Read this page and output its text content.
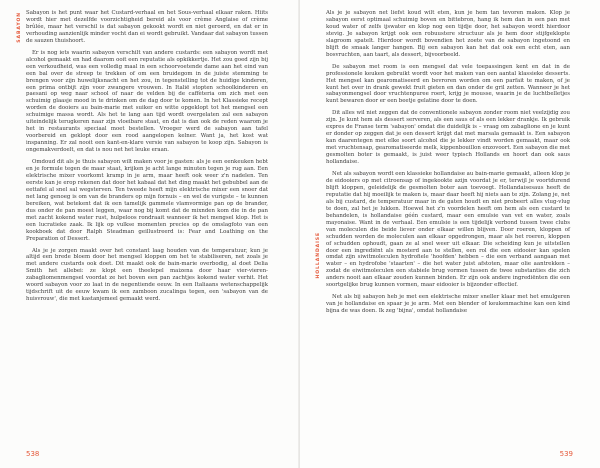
SABAYON Sabayon is het punt waar het Custard-verhaal en het Sous-verhaal elkaar raken. Hiits wordt hier met dezelfde voorzichtigheid bereid als voor crème Anglaise of crème brûlée, maar het verschil is dat sabayon gekookt wordt en niet geroerd, en dat er in verhouding aanzienlijk minder vocht dan ei wordt gebruikt. Vandaar dat sabayon tussen de sauzen thuishoort.

Er is nog iets waarin sabayon verschilt van andere custards: een sabayon wordt met alcohol gemaakt en had daarom ooit een reputatie als opkikkertje. Het zou goed zijn bij een verkoudheid, was een volledig maal in een schoorvoetende dame aan het eind van een bal over de streep te trekken of om een bruidegom in de juiste stemming te brengen voor zijn huwelijksnacht en het zou, in tegenstelling tot de huidige kinderen, een prima ontbijt zijn voor zwangere vrouwen. In Italië stopten schoolkinderen en paesani op weg naar school of naar de velden bij de caffèteria om zich met een schuimig glaasje mood in te drinken om de dag door te komen. In het Klassieke recept worden de dooiers au bain-marie met suiker en witte opgeklopt tot het mengsel een schuimige massa wordt. Als het te lang aan tijd wordt overgelaten zal een sabayon uiteindelijk terugkeren naar zijn vloeibare staat, en dat is dan ook de reden waarom je het in restaurants speciaal moet bestellen. Vroeger werd de sabayon aan tafel voorbereid en geklopt door een rood aangelopen kelner. Want ja, het kost wat inspanning. Er zal nooit een kant-en-klare versie van sabayon te koop zijn. Sabayon is ongemakverdoelt, en dat is nou net het leuke eraan.

Omdoud dit als je thuis sabayon wilt maken voor je gasten: als je een eenkeuken hebt en je formule tegen de maar staat, krijken je acht lange minuten tegen je rug aan. Een elektrische mixer voorkomt kramp in je arm, maar heeft ook weer z'n nadelen. Ten eerste kan je erop rekenen dat door het kabaal dat het ding maakt het gebubbel aan de eettafel al snel sal wegsterven. Ten tweede heeft mijn elektrische mixer een snoer dat net lang genoeg is om van de branders op mijn fornuis – en wel de vurigste – te kunnen bereiken, wat betekent dat ik een tamelijk gammele vlamvormige pan op de brander, dus onder de pan moest leggen, waar nog bij komt dat de mixnden kom die in de pan met zacht kokend water rust, hulpeloos rondraait wanneer ik het mengsel klop. Het is een lucratieke zaak. Ik lijk op vulkse momenten precies op de omslagfoto van een kookboek dat door Ralph Steadman geillustreerd is: Fear and Loathing on the Preparation of Dessert.

Als je je zorgen maakt over het constant laag houden van de temperatuur, kun je altijd een brede bloem door het mengsel kloppen om het te stabiliseren, net zoals je met andere custards ook doet. Dit maakt ook de bain-marie overbodig, al doet Delia Smith het allebei: ze klopt een theelepel maizena door haar vier-vieren-zabagliomenmengsel voordat ze het boven een pan zachtjes kokend water verhit. Het woord sabayon voor zo laat in de negentiende eeuw. In een Italiaans wetenschappelijk tijdschrift uit de eeuw kwam ik een zamboon zucalinga tegen, een 'sabayon van de huisvrouw', die met kastanjemeel gemaakt werd.

538
HOLLANDAISE

Als je je sabayon net liefst koud wilt eten, kun je hem tan tevoren maken. Klop je sabayon eerst optimaal schuimig boven en bittebron, hang ik hem dan in een pan met koud water of zelfs ijswater en klop nog een tijdje door, het sabayon wordt hierdoor stevig. Je sabayon krijgt ook een robuustere structuur als je hem door stijfgeklopte slagroom spatelt. Hierdoor wordt bovendien het zoete van de sabayon ingetoond en blijft de smaak langer hangen. Bij een sabayon kan het dat ook een echt eten, aan bosvruchten, aan taart, als dessert, bijvoorbeeld.

De sabayon met room is een mengsel dat vele toepassingen kent en dat in de professionele keuken gebruikt wordt voor het maken van een aantal klassieke desserts. Het mengsel kan gearomatiseerd en bevroren worden om een parfait te maken, of je kunt het over in drank gewekt fruit gieten en dan onder de gril zetten. Wanneer je het sabayonmengsel door vruchtenpuree roert, krijg je mousse, waarin je de luchtbelletjes kunt bewaren door er een beetje gelatine door te doen.

Dit alles wil niet zeggen dat de conventionele sabayon zonder room niet veelzijdig zou zijn. Je kunt hem als dessert serveren, als een saus of als een lekker drankje. Ik gebruik expres de Franse term 'sabayon' omdat die duidelijk is – vraag om zabaglione en je kunt er donder op zeggen dat je een dessert krijgt dat met marsala gemaakt is. Een sabayon kan daarentegen met elke soort alcohol die je lekker vindt worden gemaakt, maar ook met vruchtensap, gearomatiseerde melk, kippenbouillon enzovoort. Een sabayon die met gesmolten boter is gemaakt, is juist weer typisch Hollands en hoort dan ook saus hollandaise.

Net als sabayon wordt een klassieke hollandaise au bain-marie gemaakt, alleen klop je de eidooiers op met citroensap of ingekookte azijn voordat je er, terwijl je voortdurend blijft kloppen, geleidelijk de gesmolten boter aan toevoegt. Hollandaisesaus heeft de reputatie dat hij moeilijk te maken is, maar daar heeft hij niets aan te zijn. Zolang je, net als bij custard, de temperatuur maar in de gaten houdt en niet probeert alles vlug-vlug te doen, zal het je lukken. Hoewel het z'n voordelen heeft om hem als een custard te behandelen, is hollandaise géén custard, maar een emulsie van vet en water, zoals mayonaise. Want in de verhaal. Een emulsie is een tijdelijk verbond tussen twee clubs van moleculen die beide liever onder elkaar willen blijven. Door roeren, kloppen of schudden worden de moleculen aan elkaar opgedrongen, maar als het roeren, kloppen of schudden ophoudt, gaan ze al snel weer uit elkaar. Die scheiding kun je uitstellen door een ingrediënt als mosterd aan te stellen, een rol die een eidooier kan spelen omdat zijn siwitmoleculen hydrofiele 'hoofden' hebben – die een verband aangaan met water – en hydrofobe 'staarten' – die het water juist afstoten, maar olie aantrekken – zodat de eiwitmoleculen een stabiele brug vormen tussen de twee substanties die zich anders nooit aan elkaar zouden kunnen binden. Er zijn ook andere ingrediënten die een soortgelijke brug kunnen vormen, maar eidooier is bijzonder effectief.

Net als bij sabayon heb je met een elektrische mixer sneller klaar met het emulgeren van je hollandaise en spaar je je arm. Met een blender of keukenmachine kan een kind bijna de was doen. Ik zeg 'bijna', omdat hollandaise

539
